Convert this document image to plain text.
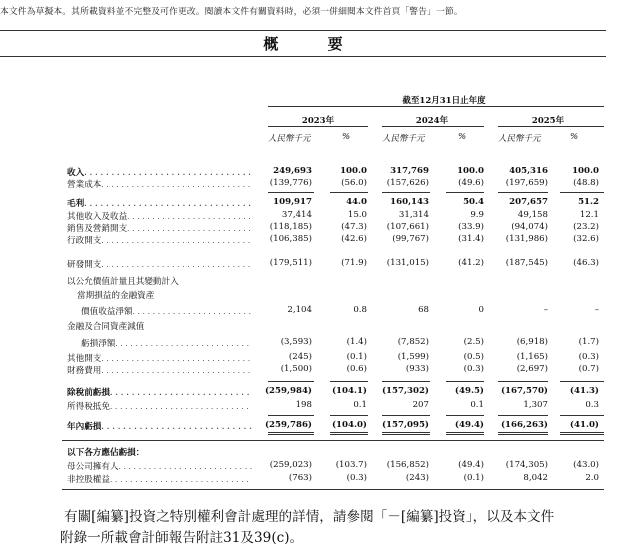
本文件為草擬本。其所載資料並不完整及可作更改。閱讀本文件有關資料時，必須一併細閱本文件首頁「警告」一節。
概 要
截至12月31日止年度
2023年	2024年	2025年
人民幣千元	%	人民幣千元	%	人民幣千元	%
收入 . . .	249,693	100.0	317,769	100.0	405,316	100.0
營業成本 . . .	(139,776)	(56.0)	(157,626)	(49.6)	(197,659)	(48.8)
毛利 . . .	109,917	44.0	160,143	50.4	207,657	51.2
其他收入及收益 . . .	37,414	15.0	31,314	9.9	49,158	12.1
銷售及營銷開支 . . .	(118,185)	(47.3)	(107,661)	(33.9)	(94,074)	(23.2)
行政開支 . . .	(106,385)	(42.6)	(99,767)	(31.4)	(131,986)	(32.6)
研發開支 . . .	(179,511)	(71.9)	(131,015)	(41.2)	(187,545)	(46.3)
以公允價值計量且其變動計入
當期損益的金融資產
價值收益淨額 . . .	2,104	0.8	68	0	–	–
金融及合同資產減值
虧損淨額 . . .	(3,593)	(1.4)	(7,852)	(2.5)	(6,918)	(1.7)
其他開支 . . .	(245)	(0.1)	(1,599)	(0.5)	(1,165)	(0.3)
財務費用 . . .	(1,500)	(0.6)	(933)	(0.3)	(2,697)	(0.7)
除稅前虧損 . . .	(259,984)	(104.1)	(157,302)	(49.5)	(167,570)	(41.3)
所得稅抵免 . . .	198	0.1	207	0.1	1,307	0.3
年內虧損 . . .	(259,786)	(104.0)	(157,095)	(49.4)	(166,263)	(41.0)
以下各方應佔虧損：
母公司擁有人 . . .	(259,023)	(103.7)	(156,852)	(49.4)	(174,305)	(43.0)
非控股權益 . . .	(763)	(0.3)	(243)	(0.1)	8,042	2.0
有關[編纂]投資之特別權利會計處理的詳情，請參閱「－[編纂]投資」，以及本文件
附錄一所載會計師報告附註31及39(c)。
